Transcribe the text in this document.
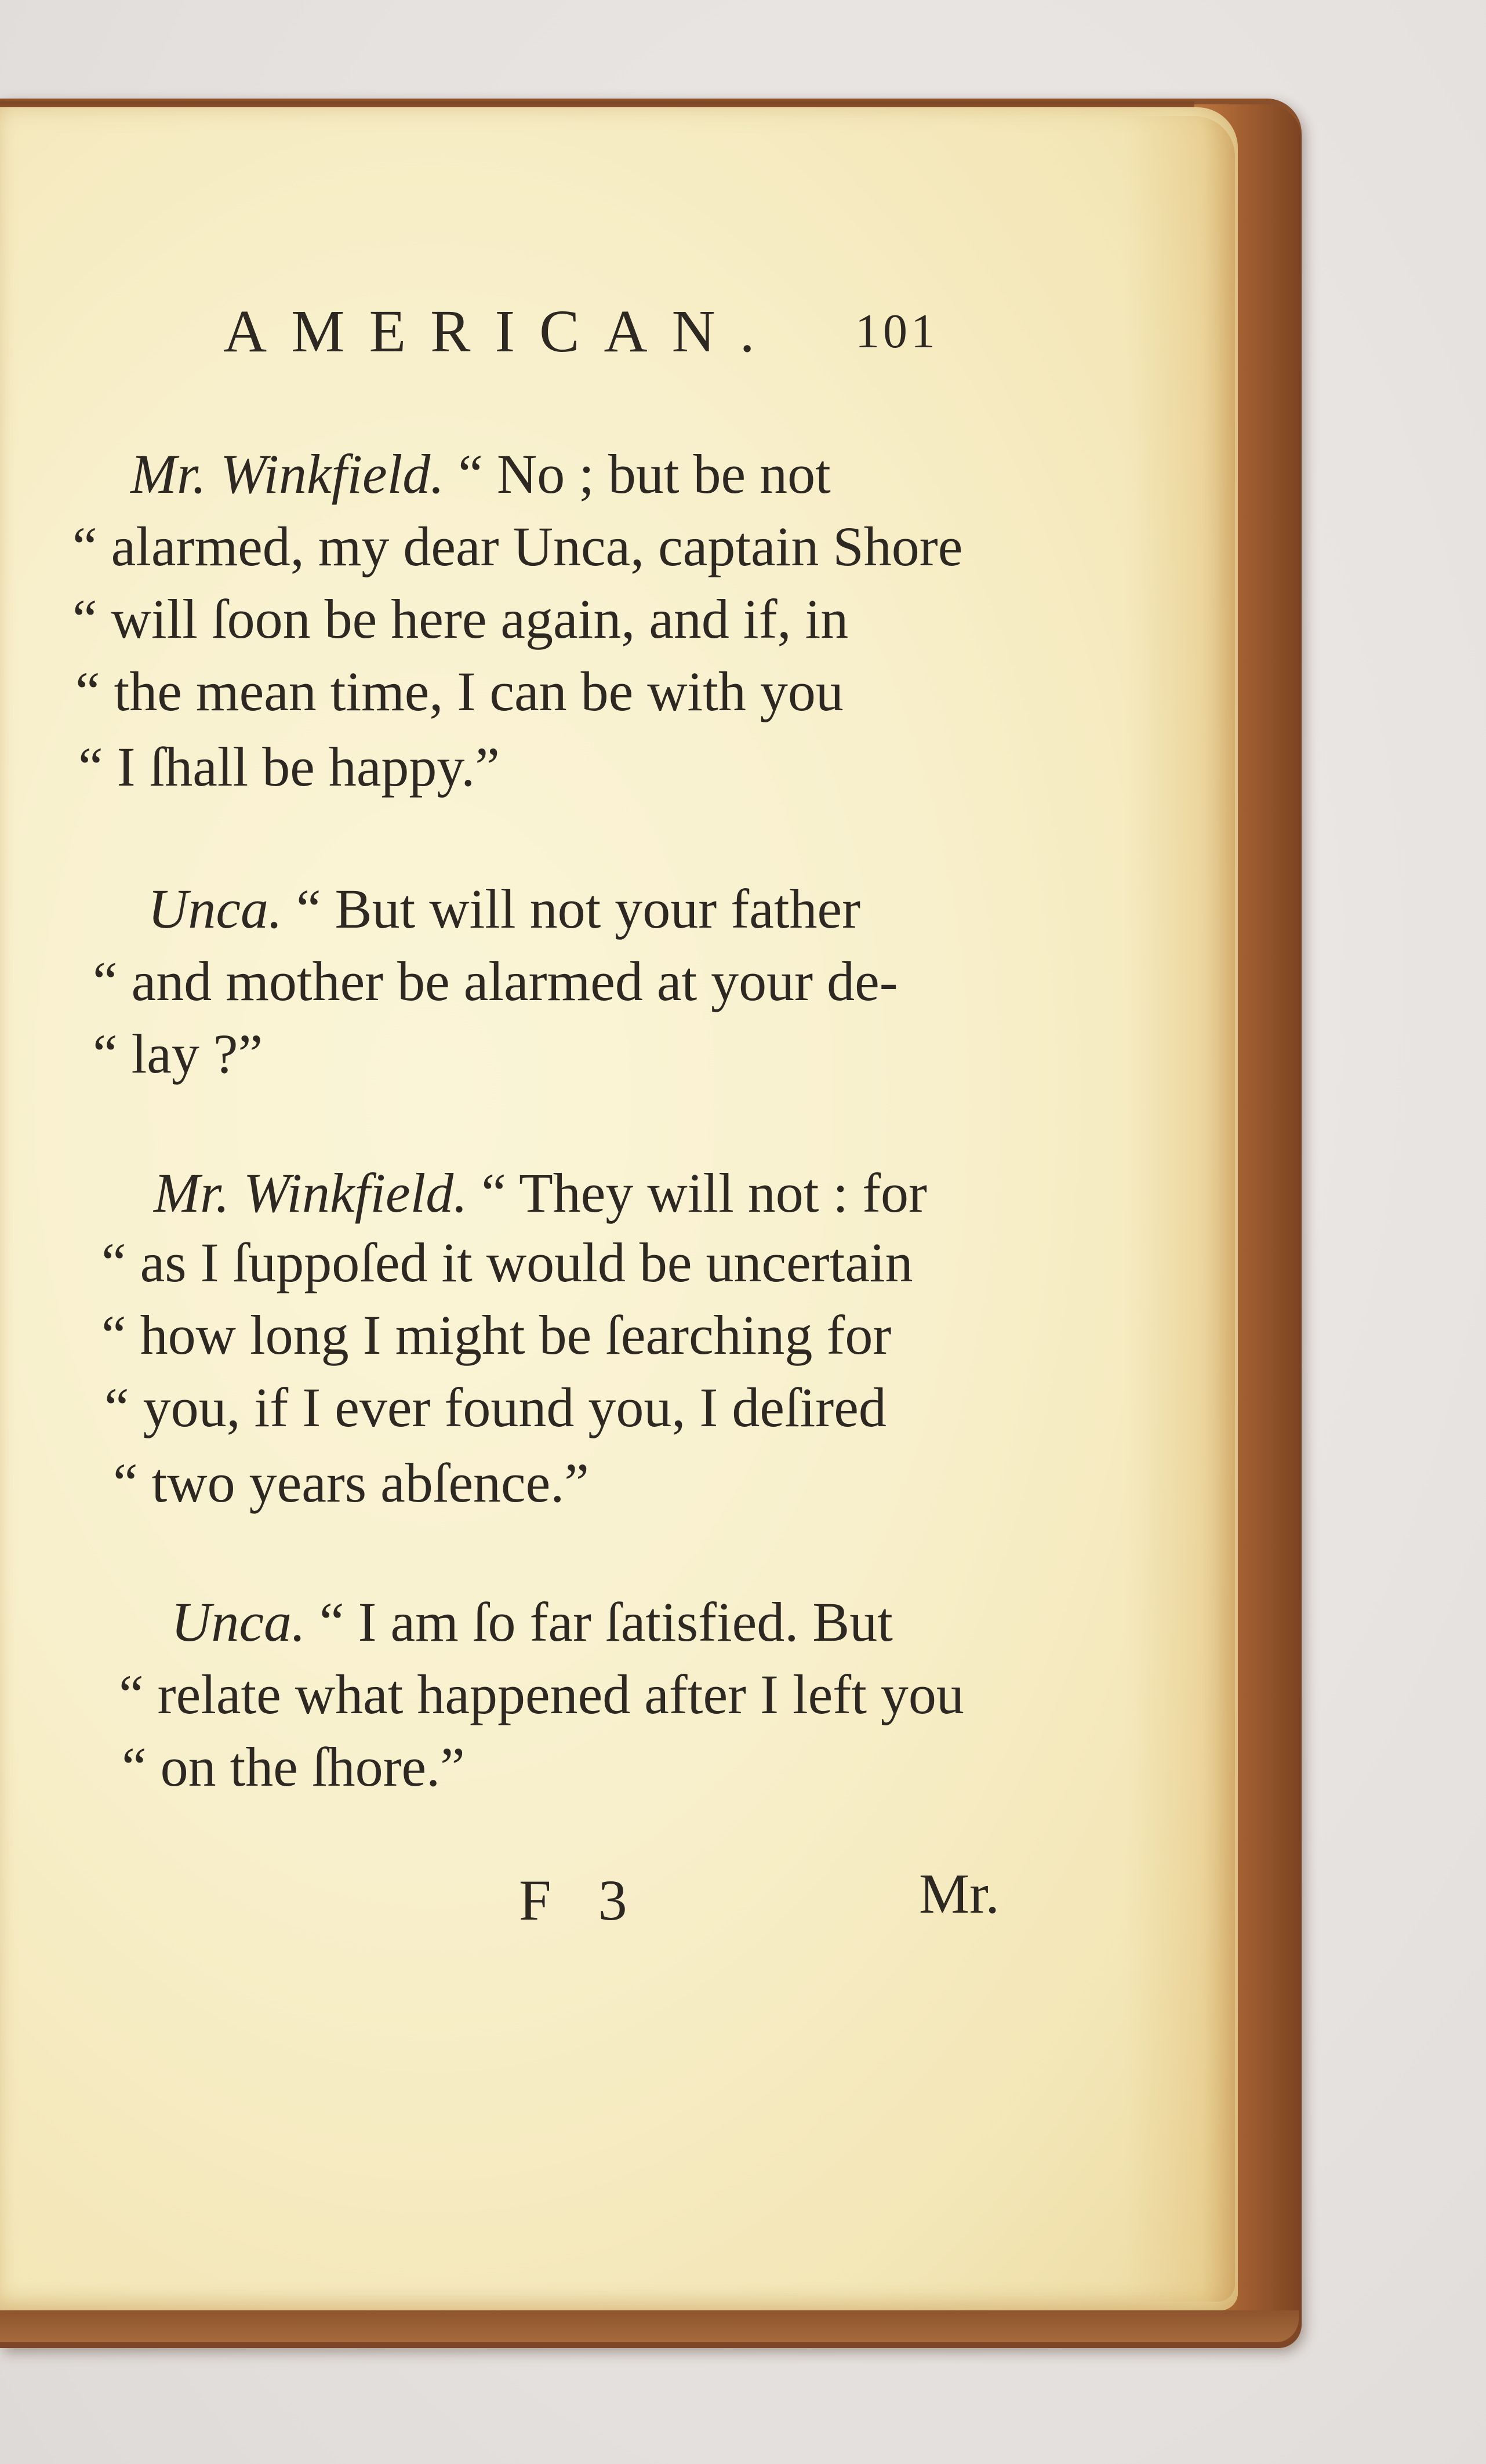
AMERICAN. 101
Mr. Winkfield. “ No ; but be not
“ alarmed, my dear Unca, captain Shore
“ will ſoon be here again, and if, in
“ the mean time, I can be with you
“ I ſhall be happy.”
Unca. “ But will not your father
“ and mother be alarmed at your de-
“ lay ?”
Mr. Winkfield. “ They will not : for
“ as I ſuppoſed it would be uncertain
“ how long I might be ſearching for
“ you, if I ever found you, I deſired
“ two years abſence.”
Unca. “ I am ſo far ſatisfied. But
“ relate what happened after I left you
“ on the ſhore.”
F 3	Mr.
